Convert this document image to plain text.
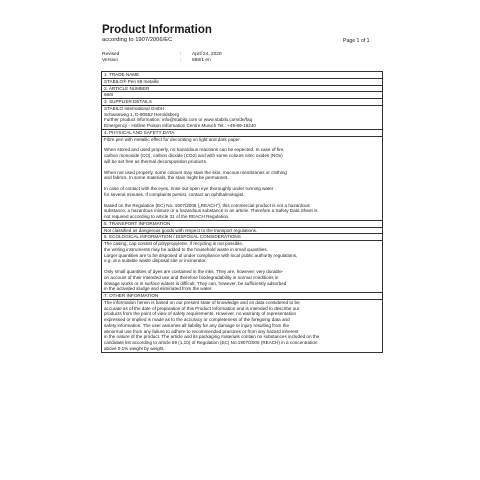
Product Information
according to 1907/2006/EC	Page 1 of 1
Revised	:	April 24, 2020
Version	:	688/1 en
1. TRADE NAME
STABILO® Pen 68 metallic
2. ARTICLE NUMBER
68/8
3. SUPPLIER DETAILS
STABILO International GmbH
Schwanweg 1, D-90562 Heroldsberg
Further product information: info@stabilo.com or www.stabilo.com/de/faq
Emergency - Hotline Poison Information Centre Munich Tel.: +49-89-19240
4. PHYSICAL AND SAFETY DATA
Fibre pen with metallic effect for decorating on light and dark paper.
When stored and used properly, no hazardous reactions can be expected. In case of fire,
carbon monoxide (CO), carbon dioxide (CO2) and with some colours nitric oxides (NOx)
will be set free as thermal decomposition products.
When not used properly, some colours may stain the skin, mucous membranes or clothing
and fabrics. In some materials, the stain might be permanent.
In case of contact with the eyes, rinse out open eye thoroughly under running water
for several minutes. If complaints persist, contact an ophthalmologist.
Based on the Regulation (EC) No. 1907/2006 („REACH“), this commercial product is not a hazardous
substance, a hazardous mixture or a hazardous substance in an article. Therefore a Safety Data Sheet is
not required according to article 31 of the REACH Regulation.
5. TRANSPORT INFORMATION
Not classified as dangerous goods with respect to the transport regulations.
6. ECOLOGICAL INFORMATION / DISPOSAL CONSIDERATIONS
The casing, cap consist of polypropylene. If recycling is not possible,
the writing instruments may be added to the household waste in small quantities.
Larger quantities are to be disposed of under compliance with local public authority regulations,
e.g. at a suitable waste disposal site or incinerator.
Only small quantities of dyes are contained in the inks. They are, however, very durable-
on account of their intended use and therefore biodegradability in normal conditions in
sewage works or in surface waters is difficult. They can, however, be sufficiently adsorbed
in the activated sludge and eliminated from the water.
7. OTHER INFORMATION
The information herein is based on our present state of knowledge and on data considered to be
accurate as of the date of preparation of this Product Information and is intended to describe our
products from the point of view of safety requirements. However, no warranty of representation
expressed or implied is made as to the accuracy or completeness of the foregoing data and
safety information. The user assumes all liability for any damage or injury resulting from the
abnormal use from any failure to adhere to recommended practices or from any hazard inherent
in the nature of the product. The article and its packaging materials contain no substances included on the
candidate list according to article 59 (1,10) of Regulation (EC) No.1907/2006 (REACH) in a concentration
above 0.1% weight by weight.
